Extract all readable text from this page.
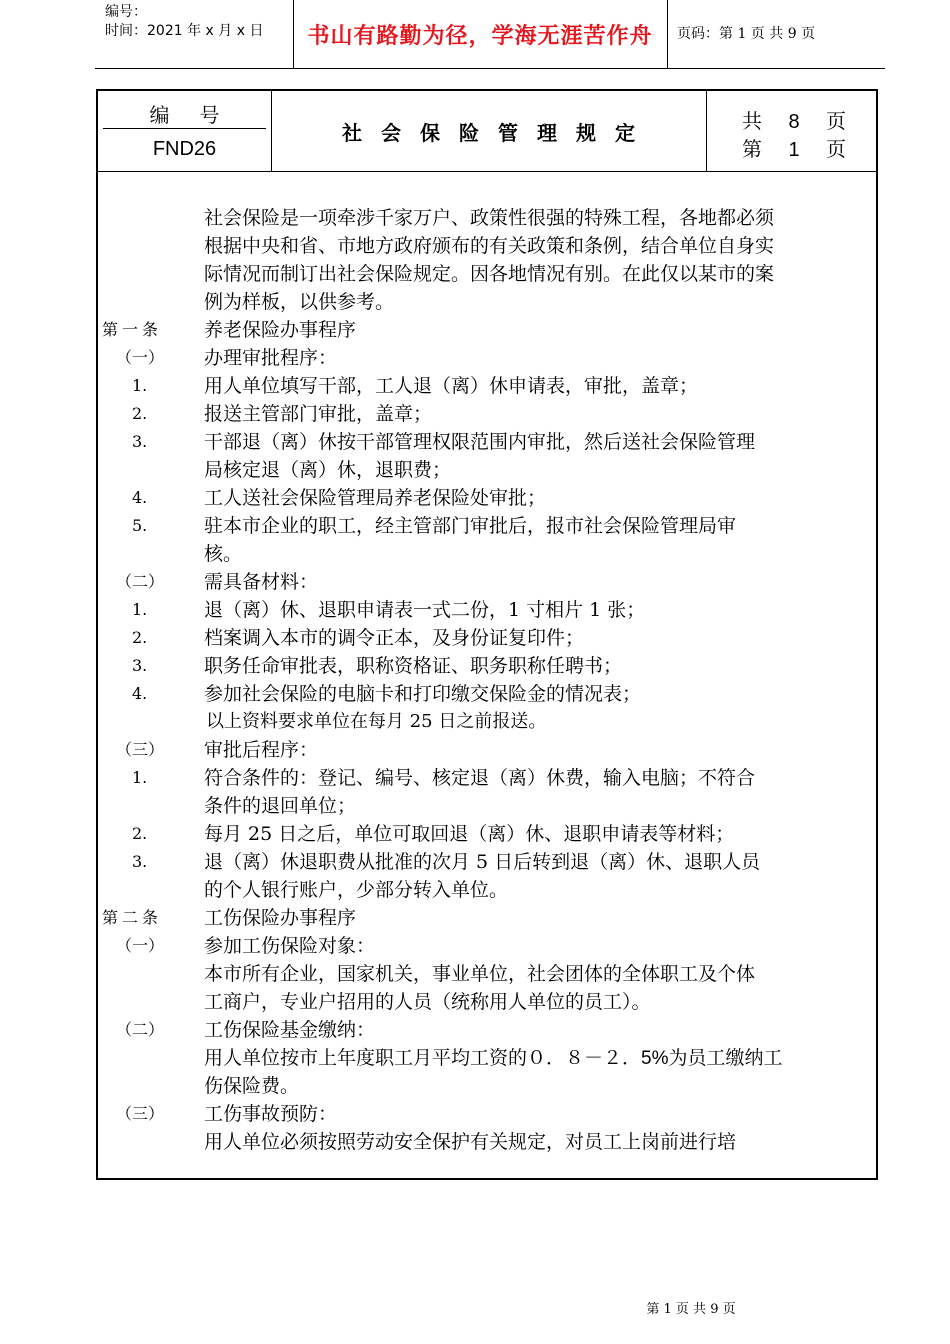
编号：
时间：2021 年 x 月 x 日 书山有路勤为径，学海无涯苦作舟 页码：第 1 页 共 9 页
编号
FND26
社会保险管理规定	共 8 页
第 1 页
社会保险是一项牵涉千家万户、政策性很强的特殊工程，各地都必须
根据中央和省、市地方政府颁布的有关政策和条例，结合单位自身实
际情况而制订出社会保险规定。因各地情况有别。在此仅以某市的案
例为样板，以供参考。
第一条 养老保险办事程序
（一） 办理审批程序：
1.	用人单位填写干部，工人退（离）休申请表，审批，盖章；
2.	报送主管部门审批，盖章；
3.	干部退（离）休按干部管理权限范围内审批，然后送社会保险管理
局核定退（离）休，退职费；
4.	工人送社会保险管理局养老保险处审批；
5.	驻本市企业的职工，经主管部门审批后，报市社会保险管理局审
核。
（二） 需具备材料：
1.	退（离）休、退职申请表一式二份，1 寸相片 1 张；
2.	档案调入本市的调令正本，及身份证复印件；
3.	职务任命审批表，职称资格证、职务职称任聘书；
4.	参加社会保险的电脑卡和打印缴交保险金的情况表；
以上资料要求单位在每月 25 日之前报送。
（三） 审批后程序：
1.	符合条件的：登记、编号、核定退（离）休费，输入电脑；不符合
条件的退回单位；
2.	每月 25 日之后，单位可取回退（离）休、退职申请表等材料；
3.	退（离）休退职费从批准的次月 5 日后转到退（离）休、退职人员
的个人银行账户，少部分转入单位。
第二条 工伤保险办事程序
（一） 参加工伤保险对象：
本市所有企业，国家机关，事业单位，社会团体的全体职工及个体
工商户，专业户招用的人员（统称用人单位的员工）。
（二） 工伤保险基金缴纳：
用人单位按市上年度职工月平均工资的０．８－２．5%为员工缴纳工
伤保险费。
（三） 工伤事故预防：
用人单位必须按照劳动安全保护有关规定，对员工上岗前进行培
第 1 页 共 9 页
